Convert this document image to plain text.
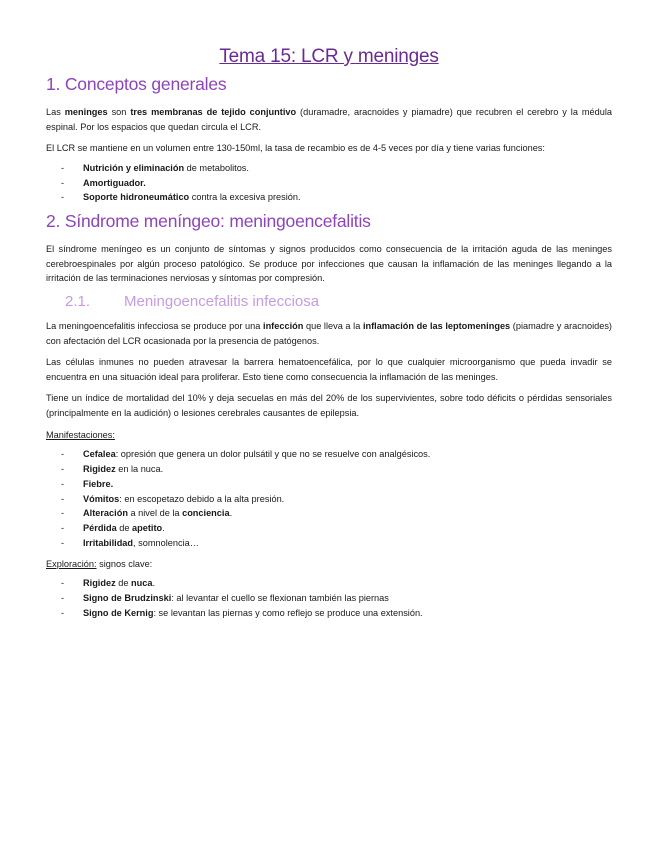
Tema 15: LCR y meninges
1. Conceptos generales

Las meninges son tres membranas de tejido conjuntivo (duramadre, aracnoides y piamadre) que recubren el cerebro y la médula espinal. Por los espacios que quedan circula el LCR.

El LCR se mantiene en un volumen entre 130-150ml, la tasa de recambio es de 4-5 veces por día y tiene varias funciones:

-	Nutrición y eliminación de metabolitos.
-	Amortiguador.
-	Soporte hidroneumático contra la excesiva presión.
2. Síndrome meníngeo: meningoencefalitis

El síndrome meníngeo es un conjunto de síntomas y signos producidos como consecuencia de la irritación aguda de las meninges cerebroespinales por algún proceso patológico. Se produce por infecciones que causan la inflamación de las meninges llegando a la irritación de las terminaciones nerviosas y síntomas por compresión.

2.1.	Meningoencefalitis infecciosa

La meningoencefalitis infecciosa se produce por una infección que lleva a la inflamación de las leptomeninges (piamadre y aracnoides) con afectación del LCR ocasionada por la presencia de patógenos.

Las células inmunes no pueden atravesar la barrera hematoencefálica, por lo que cualquier microorganismo que pueda invadir se encuentra en una situación ideal para proliferar. Esto tiene como consecuencia la inflamación de las meninges.

Tiene un índice de mortalidad del 10% y deja secuelas en más del 20% de los supervivientes, sobre todo déficits o pérdidas sensoriales (principalmente en la audición) o lesiones cerebrales causantes de epilepsia.

Manifestaciones:

-	Cefalea: opresión que genera un dolor pulsátil y que no se resuelve con analgésicos.
-	Rigidez en la nuca.
-	Fiebre.
-	Vómitos: en escopetazo debido a la alta presión.
-	Alteración a nivel de la conciencia.
-	Pérdida de apetito.
-	Irritabilidad, somnolencia…

Exploración: signos clave:

-	Rigidez de nuca.
-	Signo de Brudzinski: al levantar el cuello se flexionan también las piernas
-	Signo de Kernig: se levantan las piernas y como reflejo se produce una extensión.
